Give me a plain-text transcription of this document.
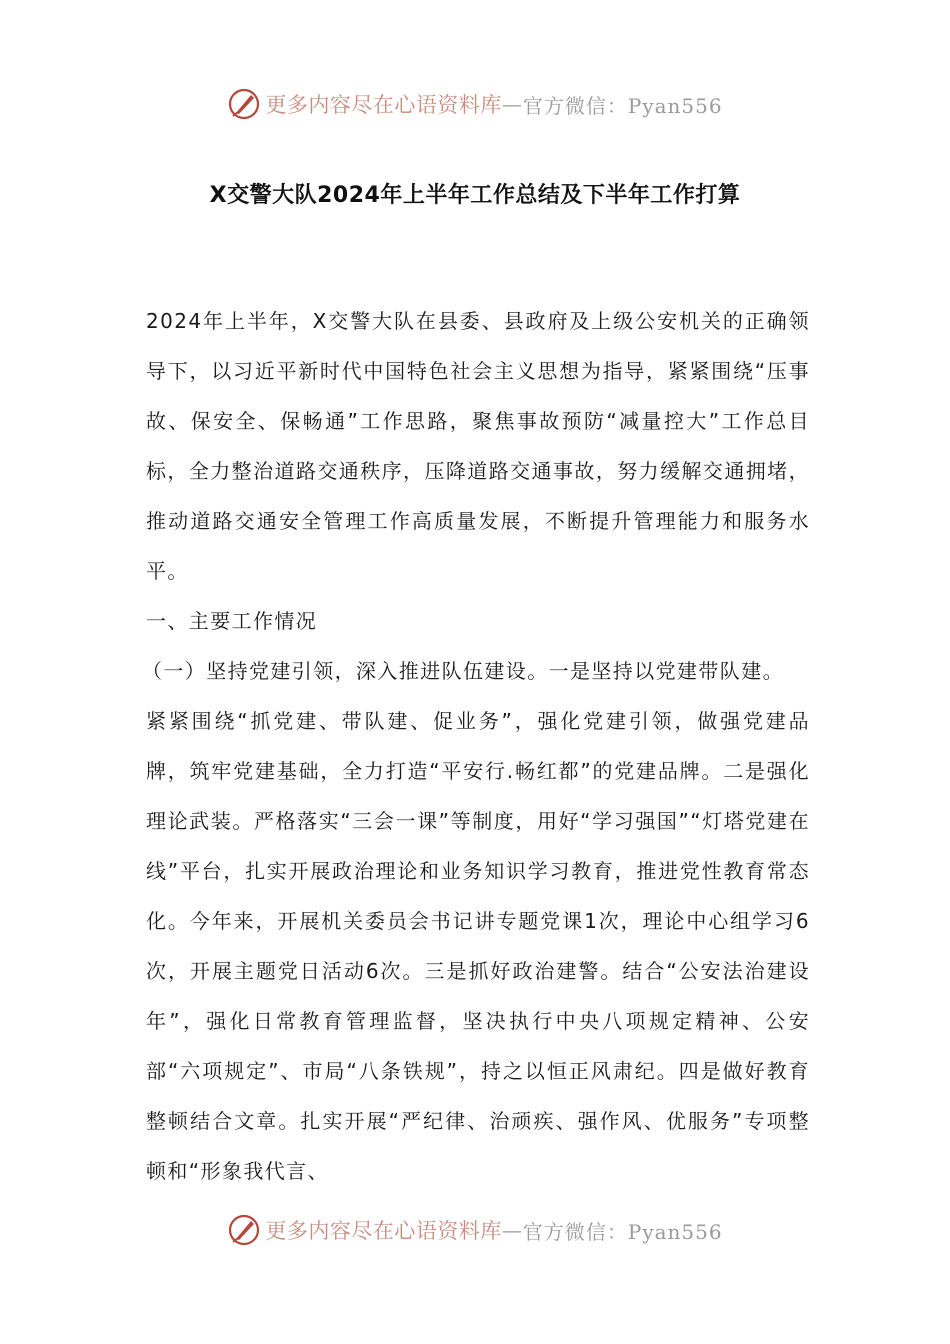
更多内容尽在心语资料库 — 官方微信：Pyan556
X交警大队2024年上半年工作总结及下半年工作打算

2024年上半年，X交警大队在县委、县政府及上级公安机关的正确领导下，以习近平新时代中国特色社会主义思想为指导，紧紧围绕“压事故、保安全、保畅通”工作思路，聚焦事故预防“减量控大”工作总目标，全力整治道路交通秩序，压降道路交通事故，努力缓解交通拥堵，推动道路交通安全管理工作高质量发展，不断提升管理能力和服务水平。

一、主要工作情况

（一）坚持党建引领，深入推进队伍建设。一是坚持以党建带队建。

紧紧围绕“抓党建、带队建、促业务”，强化党建引领，做强党建品牌，筑牢党建基础，全力打造“平安行.畅红都”的党建品牌。二是强化理论武装。严格落实“三会一课”等制度，用好“学习强国”“灯塔党建在线”平台，扎实开展政治理论和业务知识学习教育，推进党性教育常态化。今年来，开展机关委员会书记讲专题党课1次，理论中心组学习6次，开展主题党日活动6次。三是抓好政治建警。结合“公安法治建设年”，强化日常教育管理监督，坚决执行中央八项规定精神、公安部“六项规定”、市局“八条铁规”，持之以恒正风肃纪。四是做好教育整顿结合文章。扎实开展“严纪律、治顽疾、强作风、优服务”专项整顿和“形象我代言、

更多内容尽在心语资料库 — 官方微信：Pyan556
